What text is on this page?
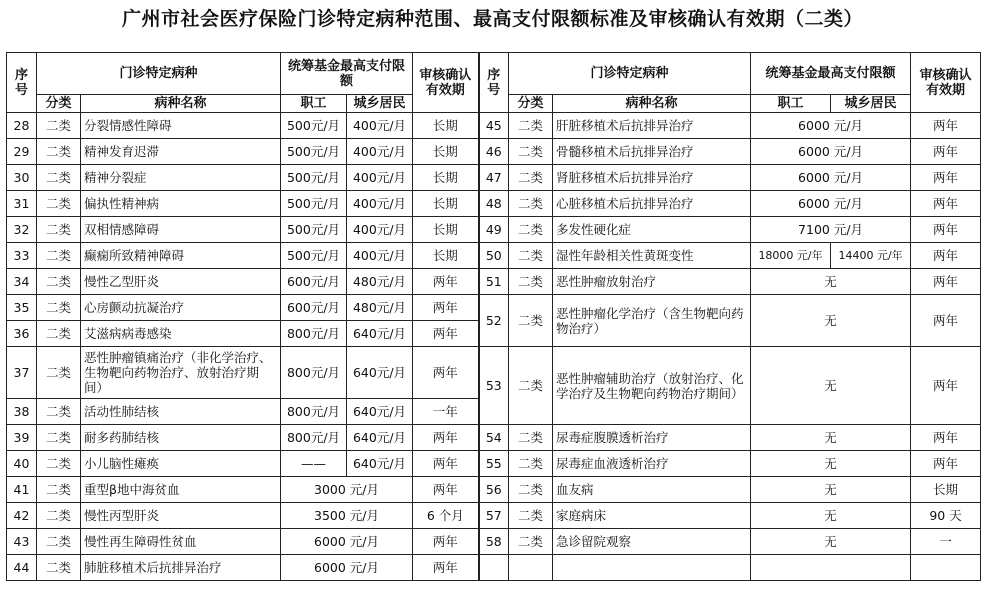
广州市社会医疗保险门诊特定病种范围、最高支付限额标准及审核确认有效期（二类）
序号	门诊特定病种		统筹基金最高支付限额		审核确认有效期	序号	门诊特定病种		统筹基金最高支付限额		审核确认有效期
	分类	病种名称	职工	城乡居民			分类	病种名称	职工	城乡居民	
28	二类	分裂情感性障碍	500元/月	400元/月	长期	45	二类	肝脏移植术后抗排异治疗	6000 元/月		两年
29	二类	精神发育迟滞	500元/月	400元/月	长期	46	二类	骨髓移植术后抗排异治疗	6000 元/月		两年
30	二类	精神分裂症	500元/月	400元/月	长期	47	二类	肾脏移植术后抗排异治疗	6000 元/月		两年
31	二类	偏执性精神病	500元/月	400元/月	长期	48	二类	心脏移植术后抗排异治疗	6000 元/月		两年
32	二类	双相情感障碍	500元/月	400元/月	长期	49	二类	多发性硬化症	7100 元/月		两年
33	二类	癫痫所致精神障碍	500元/月	400元/月	长期	50	二类	湿性年龄相关性黄斑变性	18000 元/年	14400 元/年	两年
34	二类	慢性乙型肝炎	600元/月	480元/月	两年	51	二类	恶性肿瘤放射治疗	无		两年
35	二类	心房颤动抗凝治疗	600元/月	480元/月	两年	52	二类	恶性肿瘤化学治疗（含生物靶向药物治疗）	无		两年
36	二类	艾滋病病毒感染	800元/月	640元/月	两年						
37	二类	恶性肿瘤镇痛治疗（非化学治疗、生物靶向药物治疗、放射治疗期间）	800元/月	640元/月	两年	53	二类	恶性肿瘤辅助治疗（放射治疗、化学治疗及生物靶向药物治疗期间）	无		两年
38	二类	活动性肺结核	800元/月	640元/月	一年						
39	二类	耐多药肺结核	800元/月	640元/月	两年	54	二类	尿毒症腹膜透析治疗	无		两年
40	二类	小儿脑性瘫痪	——	640元/月	两年	55	二类	尿毒症血液透析治疗	无		两年
41	二类	重型β地中海贫血	3000 元/月		两年	56	二类	血友病	无		长期
42	二类	慢性丙型肝炎	3500 元/月		6 个月	57	二类	家庭病床	无		90 天
43	二类	慢性再生障碍性贫血	6000 元/月		两年	58	二类	急诊留院观察	无		一
44	二类	肺脏移植术后抗排异治疗	6000 元/月		两年						
